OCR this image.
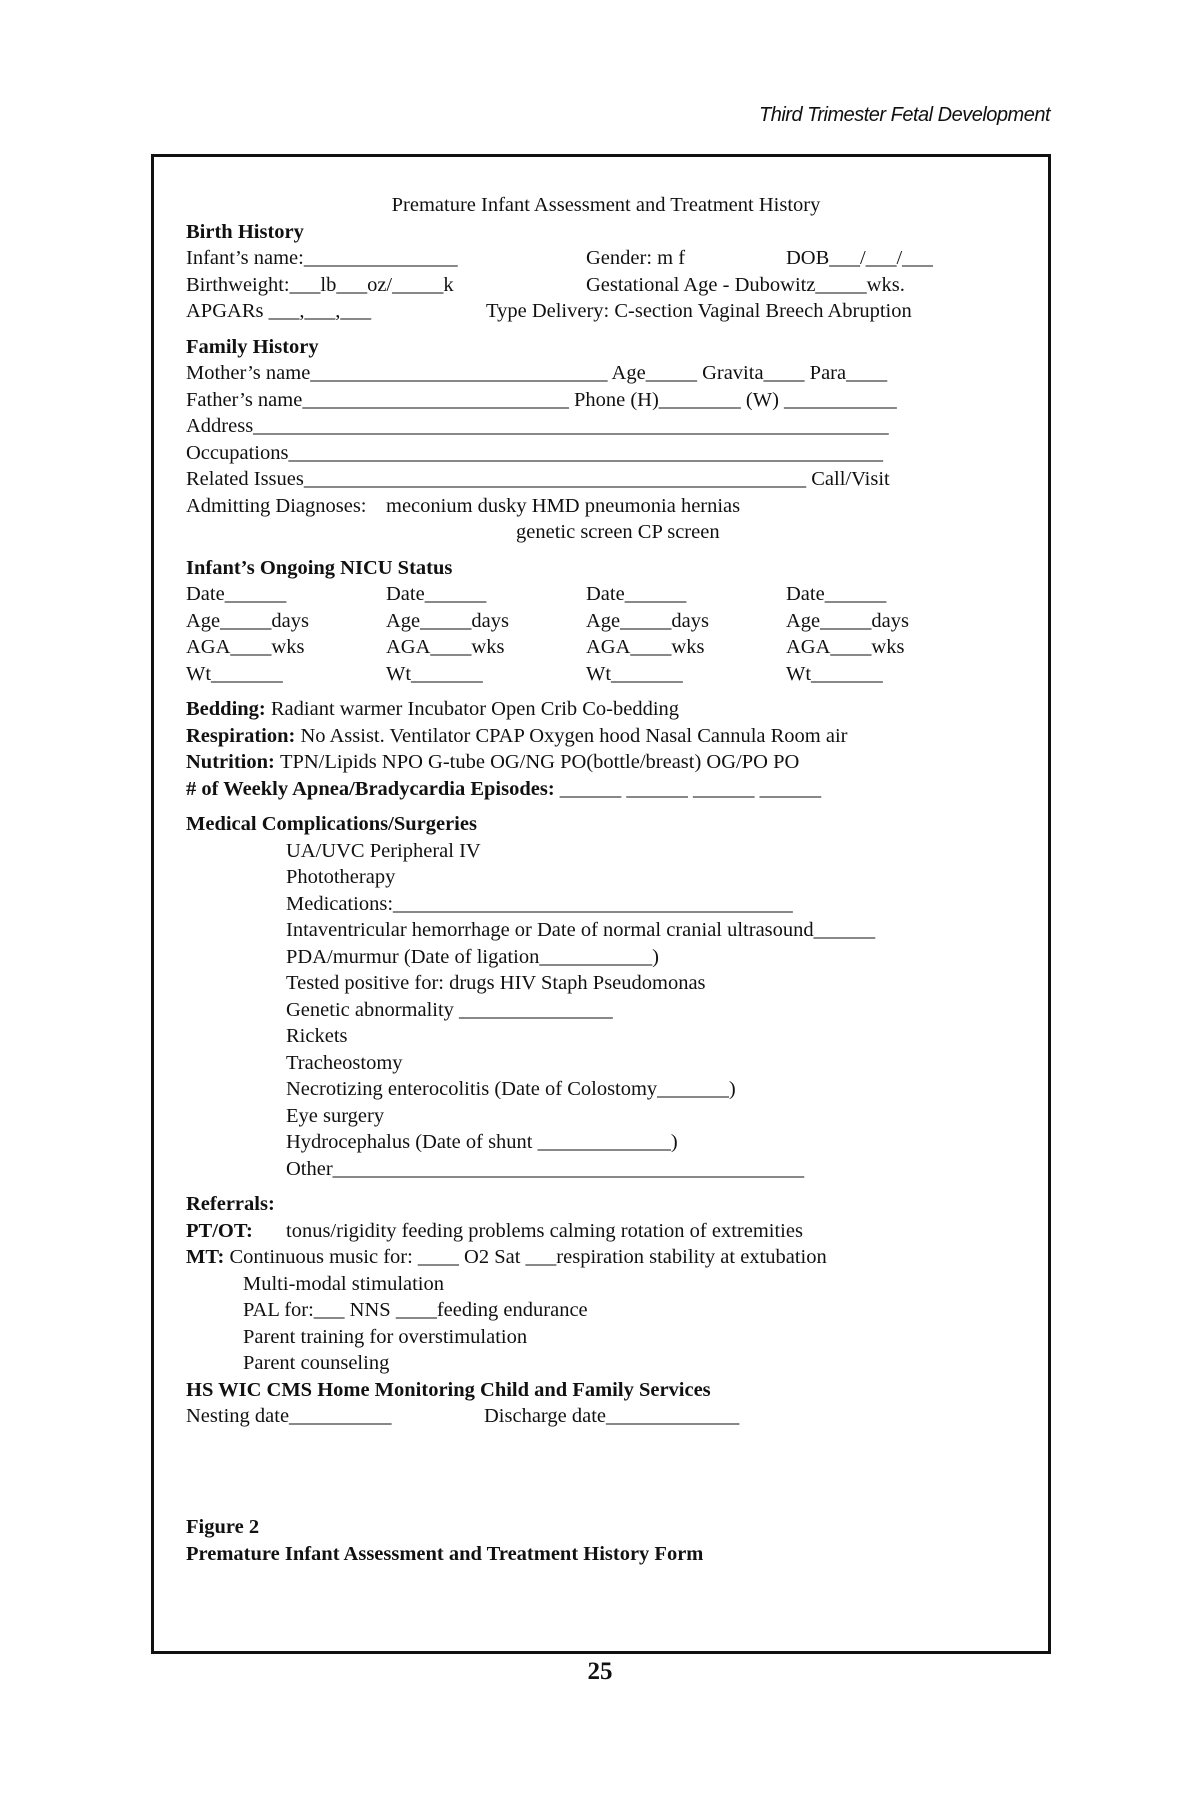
Third Trimester Fetal Development
Premature Infant Assessment and Treatment History
Birth History
Infant’s name:_______________	Gender: m f	DOB___/___/___
Birthweight:___lb___oz/_____k	Gestational Age - Dubowitz_____wks.
APGARs ___,___,___	Type Delivery: C-section Vaginal Breech Abruption
Family History
Mother’s name_____________________________ Age_____ Gravita____ Para____
Father’s name__________________________ Phone (H)________ (W) ___________
Address______________________________________________________________
Occupations__________________________________________________________
Related Issues_________________________________________________ Call/Visit
Admitting Diagnoses: meconium dusky HMD pneumonia hernias
genetic screen CP screen
Infant’s Ongoing NICU Status
Date______	Date______	Date______	Date______
Age_____days	Age_____days	Age_____days	Age_____days
AGA____wks	AGA____wks	AGA____wks	AGA____wks
Wt_______	Wt_______	Wt_______	Wt_______
Bedding: Radiant warmer Incubator Open Crib Co-bedding
Respiration: No Assist. Ventilator CPAP Oxygen hood Nasal Cannula Room air
Nutrition: TPN/Lipids NPO G-tube OG/NG PO(bottle/breast) OG/PO PO
# of Weekly Apnea/Bradycardia Episodes: ______ ______ ______ ______
Medical Complications/Surgeries
UA/UVC Peripheral IV
Phototherapy
Medications:_______________________________________
Intaventricular hemorrhage or Date of normal cranial ultrasound______
PDA/murmur (Date of ligation___________)
Tested positive for: drugs HIV Staph Pseudomonas
Genetic abnormality _______________
Rickets
Tracheostomy
Necrotizing enterocolitis (Date of Colostomy_______)
Eye surgery
Hydrocephalus (Date of shunt _____________)
Other______________________________________________
Referrals:
PT/OT: tonus/rigidity feeding problems calming rotation of extremities
MT: Continuous music for: ____ O2 Sat ___respiration stability at extubation
Multi-modal stimulation
PAL for:___ NNS ____feeding endurance
Parent training for overstimulation
Parent counseling
HS WIC CMS Home Monitoring Child and Family Services
Nesting date__________	Discharge date_____________
Figure 2
Premature Infant Assessment and Treatment History Form
25
